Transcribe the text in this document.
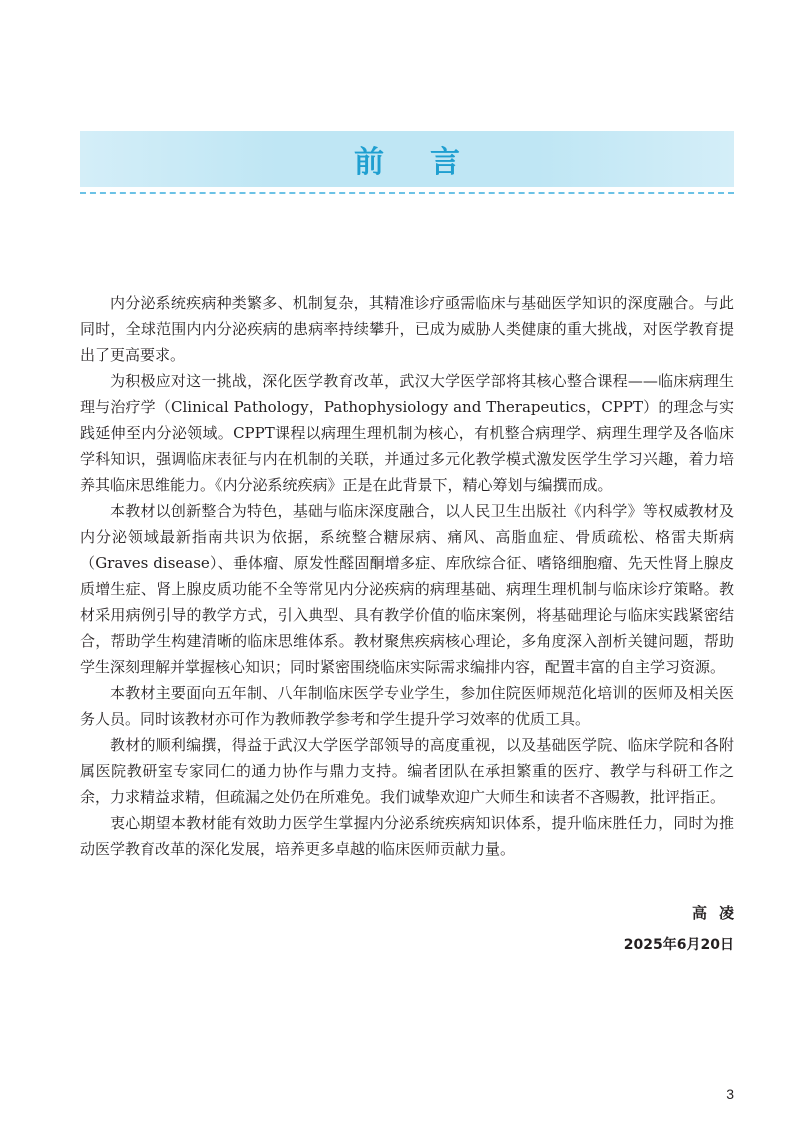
前言

内分泌系统疾病种类繁多、机制复杂，其精准诊疗亟需临床与基础医学知识的深度融合。与此同时，全球范围内内分泌疾病的患病率持续攀升，已成为威胁人类健康的重大挑战，对医学教育提出了更高要求。

为积极应对这一挑战，深化医学教育改革，武汉大学医学部将其核心整合课程——临床病理生理与治疗学（Clinical Pathology，Pathophysiology and Therapeutics，CPPT）的理念与实践延伸至内分泌领域。CPPT课程以病理生理机制为核心，有机整合病理学、病理生理学及各临床学科知识，强调临床表征与内在机制的关联，并通过多元化教学模式激发医学生学习兴趣，着力培养其临床思维能力。《内分泌系统疾病》正是在此背景下，精心筹划与编撰而成。

本教材以创新整合为特色，基础与临床深度融合，以人民卫生出版社《内科学》等权威教材及内分泌领域最新指南共识为依据，系统整合糖尿病、痛风、高脂血症、骨质疏松、格雷夫斯病（Graves disease）、垂体瘤、原发性醛固酮增多症、库欣综合征、嗜铬细胞瘤、先天性肾上腺皮质增生症、肾上腺皮质功能不全等常见内分泌疾病的病理基础、病理生理机制与临床诊疗策略。教材采用病例引导的教学方式，引入典型、具有教学价值的临床案例，将基础理论与临床实践紧密结合，帮助学生构建清晰的临床思维体系。教材聚焦疾病核心理论，多角度深入剖析关键问题，帮助学生深刻理解并掌握核心知识；同时紧密围绕临床实际需求编排内容，配置丰富的自主学习资源。

本教材主要面向五年制、八年制临床医学专业学生，参加住院医师规范化培训的医师及相关医务人员。同时该教材亦可作为教师教学参考和学生提升学习效率的优质工具。

教材的顺利编撰，得益于武汉大学医学部领导的高度重视，以及基础医学院、临床学院和各附属医院教研室专家同仁的通力协作与鼎力支持。编者团队在承担繁重的医疗、教学与科研工作之余，力求精益求精，但疏漏之处仍在所难免。我们诚挚欢迎广大师生和读者不吝赐教，批评指正。

衷心期望本教材能有效助力医学生掌握内分泌系统疾病知识体系，提升临床胜任力，同时为推动医学教育改革的深化发展，培养更多卓越的临床医师贡献力量。

高凌
2025年6月20日
3
